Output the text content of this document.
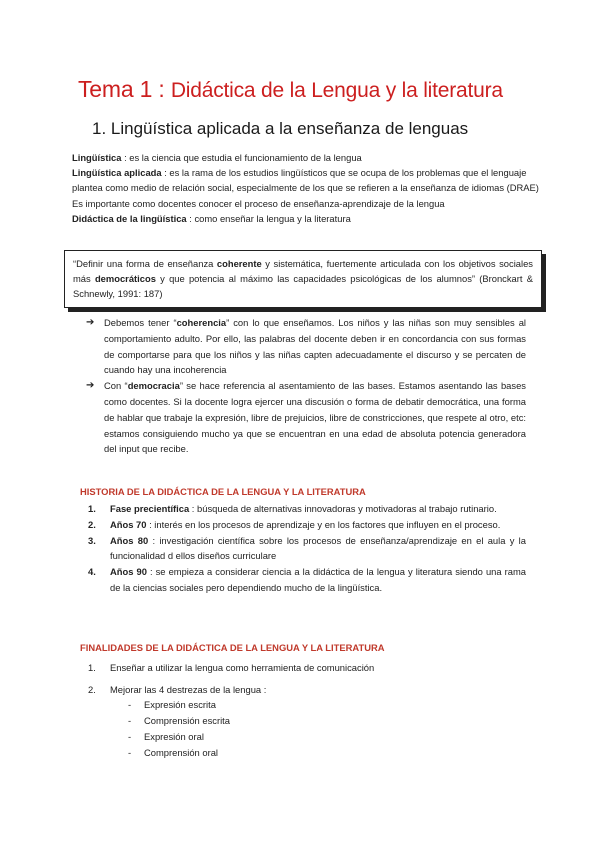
Tema 1 : Didáctica de la Lengua y la literatura
1. Lingüística aplicada a la enseñanza de lenguas

Lingüística : es la ciencia que estudia el funcionamiento de la lengua

Lingüística aplicada : es la rama de los estudios lingüísticos que se ocupa de los problemas que el lenguaje plantea como medio de relación social, especialmente de los que se refieren a la enseñanza de idiomas (DRAE)

Es importante como docentes conocer el proceso de enseñanza-aprendizaje de la lengua

Didáctica de la lingüística : como enseñar la lengua y la literatura

“Definir una forma de enseñanza coherente y sistemática, fuertemente articulada con los objetivos sociales más democráticos y que potencia al máximo las capacidades psicológicas de los alumnos” (Bronckart & Schnewly, 1991: 187)
➔ Debemos tener “coherencia” con lo que enseñamos. Los niños y las niñas son muy sensibles al comportamiento adulto. Por ello, las palabras del docente deben ir en concordancia con sus formas de comportarse para que los niños y las niñas capten adecuadamente el discurso y se percaten de cuando hay una incoherencia
➔ Con “democracia” se hace referencia al asentamiento de las bases. Estamos asentando las bases como docentes. Si la docente logra ejercer una discusión o forma de debatir democrática, una forma de hablar que trabaje la expresión, libre de prejuicios, libre de constricciones, que respete al otro, etc: estamos consiguiendo mucho ya que se encuentran en una edad de absoluta potencia generadora del input que recibe.
HISTORIA DE LA DIDÁCTICA DE LA LENGUA Y LA LITERATURA
1. Fase precientífica : búsqueda de alternativas innovadoras y motivadoras al trabajo rutinario.
2. Años 70 : interés en los procesos de aprendizaje y en los factores que influyen en el proceso.
3. Años 80 : investigación científica sobre los procesos de enseñanza/aprendizaje en el aula y la funcionalidad d ellos diseños curriculare
4. Años 90 : se empieza a considerar ciencia a la didáctica de la lengua y literatura siendo una rama de la ciencias sociales pero dependiendo mucho de la lingüística.
FINALIDADES DE LA DIDÁCTICA DE LA LENGUA Y LA LITERATURA
1. Enseñar a utilizar la lengua como herramienta de comunicación
2. Mejorar las 4 destrezas de la lengua :
- Expresión escrita
- Comprensión escrita
- Expresión oral
- Comprensión oral
